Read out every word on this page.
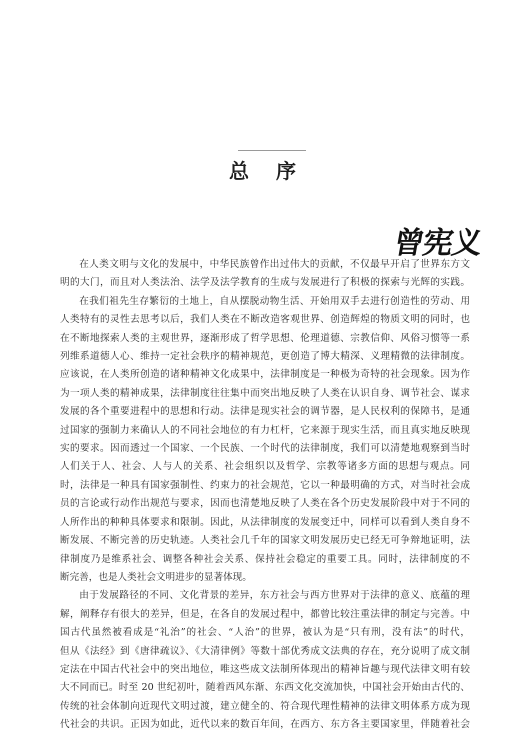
总 序
曾宪义
在人类文明与文化的发展中，中华民族曾作出过伟大的贡献，不仅最早开启了世界东方文
明的大门，而且对人类法治、法学及法学教育的生成与发展进行了积极的探索与光辉的实践。
在我们祖先生存繁衍的土地上，自从摆脱动物生活、开始用双手去进行创造性的劳动、用
人类特有的灵性去思考以后，我们人类在不断改造客观世界、创造辉煌的物质文明的同时，也
在不断地探索人类的主观世界，逐渐形成了哲学思想、伦理道德、宗教信仰、风俗习惯等一系
列维系道德人心、维持一定社会秩序的精神规范，更创造了博大精深、义理精微的法律制度。
应该说，在人类所创造的诸种精神文化成果中，法律制度是一种极为奇特的社会现象。因为作
为一项人类的精神成果，法律制度往往集中而突出地反映了人类在认识自身、调节社会、谋求
发展的各个重要进程中的思想和行动。法律是现实社会的调节器，是人民权利的保障书，是通
过国家的强制力来确认人的不同社会地位的有力杠杆，它来源于现实生活，而且真实地反映现
实的要求。因而透过一个国家、一个民族、一个时代的法律制度，我们可以清楚地观察到当时
人们关于人、社会、人与人的关系、社会组织以及哲学、宗教等诸多方面的思想与观点。同
时，法律是一种具有国家强制性、约束力的社会规范，它以一种最明确的方式，对当时社会成
员的言论或行动作出规范与要求，因而也清楚地反映了人类在各个历史发展阶段中对于不同的
人所作出的种种具体要求和限制。因此，从法律制度的发展变迁中，同样可以看到人类自身不
断发展、不断完善的历史轨迹。人类社会几千年的国家文明发展历史已经无可争辩地证明，法
律制度乃是维系社会、调整各种社会关系、保持社会稳定的重要工具。同时，法律制度的不
断完善，也是人类社会文明进步的显著体现。
由于发展路径的不同、文化背景的差异，东方社会与西方世界对于法律的意义、底蕴的理
解，阐释存有很大的差异，但是，在各自的发展过程中，都曾比较注重法律的制定与完善。中
国古代虽然被看成是“礼治”的社会、“人治”的世界，被认为是“只有刑，没有法”的时代，
但从《法经》到《唐律疏议》、《大清律例》等数十部优秀成文法典的存在，充分说明了成文制
定法在中国古代社会中的突出地位，唯这些成文法制所体现出的精神旨趣与现代法律文明有较
大不同而已。时至 20 世纪初叶，随着西风东渐、东西文化交流加快，中国社会开始由古代的、
传统的社会体制向近现代文明过渡，建立健全的、符合现代理性精神的法律文明体系方成为现
代社会的共识。正因为如此，近代以来的数百年间，在西方、东方各主要国家里，伴随着社会
